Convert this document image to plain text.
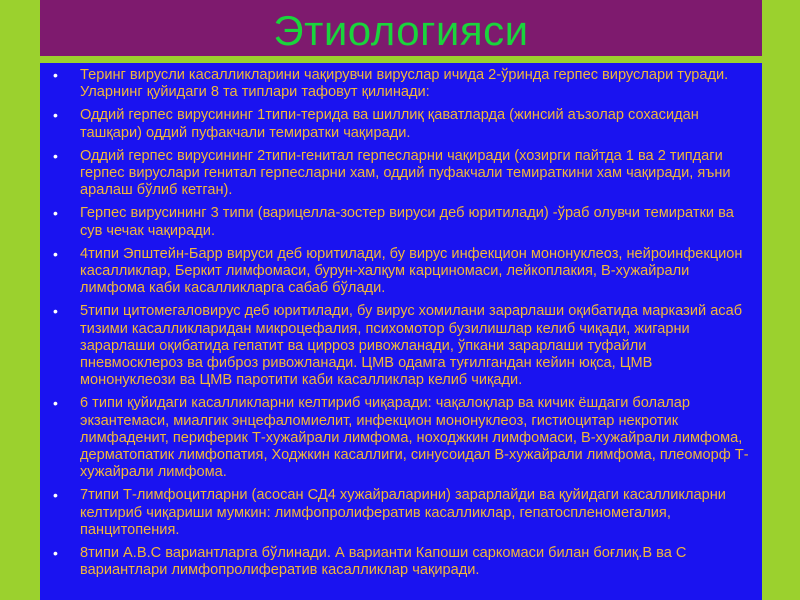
Этиологияси
• Теринг вирусли касалликларини чақирувчи вируслар ичида 2-ўринда герпес вируслари туради. Уларнинг қуйидаги 8 та типлари тафовут қилинади:
• Оддий герпес вирусининг 1типи-терида ва шиллиқ қаватларда (жинсий аъзолар сохасидан ташқари) оддий пуфакчали темиратки чақиради.
• Оддий герпес вирусининг 2типи-генитал герпесларни чақиради (хозирги пайтда 1 ва 2 типдаги герпес вируслари генитал герпесларни хам, оддий пуфакчали темираткини хам чақиради, яъни аралаш бўлиб кетган).
• Герпес вирусининг 3 типи (варицелла-зостер вируси деб юритилади) -ўраб олувчи темиратки ва сув чечак чақиради.
• 4типи Эпштейн-Барр вируси деб юритилади, бу вирус инфекцион мононуклеоз, нейроинфекцион касалликлар, Беркит лимфомаси, бурун-халқум карциномаси, лейкоплакия, В-хужайрали лимфома каби касалликларга сабаб бўлади.
• 5типи цитомегаловирус деб юритилади, бу вирус хомилани зарарлаши оқибатида марказий асаб тизими касалликларидан микроцефалия, психомотор бузилишлар келиб чиқади, жигарни зарарлаши оқибатида гепатит ва цирроз ривожланади, ўпкани зарарлаши туфайли пневмосклероз ва фиброз ривожланади. ЦМВ одамга туғилгандан кейин юқса, ЦМВ мононуклеози ва ЦМВ паротити каби касалликлар келиб чиқади.
• 6 типи қуйидаги касалликларни келтириб чиқаради: чақалоқлар ва кичик ёшдаги болалар экзантемаси, миалгик энцефаломиелит, инфекцион мононуклеоз, гистиоцитар некротик лимфаденит, периферик Т-хужайрали лимфома, ноходжкин лимфомаси, В-хужайрали лимфома, дерматопатик лимфопатия, Ходжкин касаллиги, синусоидал В-хужайрали лимфома, плеоморф Т-хужайрали лимфома.
• 7типи Т-лимфоцитларни (асосан СД4 хужайраларини) зарарлайди ва қуйидаги касалликларни келтириб чиқариши мумкин: лимфопролифератив касалликлар, гепатоспленомегалия, панцитопения.
• 8типи А.В.С вариантларга бўлинади. А варианти Капоши саркомаси билан боғлиқ.В ва С вариантлари лимфопролифератив касалликлар чақиради.
